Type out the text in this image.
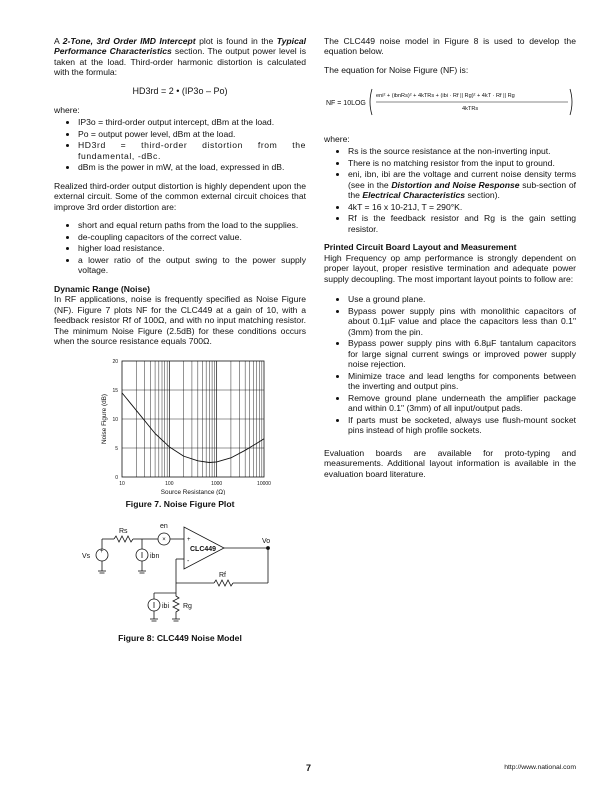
A 2-Tone, 3rd Order IMD Intercept plot is found in the Typical Performance Characteristics section. The output power level is taken at the load. Third-order harmonic distortion is calculated with the formula:

HD3rd = 2 • (IP3o – Po)
where:
• IP3o = third-order output intercept, dBm at the load.
• Po = output power level, dBm at the load.
• HD3rd = third-order distortion from the fundamental, -dBc.
• dBm is the power in mW, at the load, expressed in dB.

Realized third-order output distortion is highly dependent upon the external circuit. Some of the common external circuit choices that improve 3rd order distortion are:

• short and equal return paths from the load to the supplies.
• de-coupling capacitors of the correct value.
• higher load resistance.
• a lower ratio of the output swing to the power supply voltage.
Dynamic Range (Noise)

In RF applications, noise is frequently specified as Noise Figure (NF). Figure 7 plots NF for the CLC449 at a gain of 10, with a feedback resistor Rf of 100Ω, and with no input matching resistor. The minimum Noise Figure (2.5dB) for these conditions occurs when the source resistance equals 700Ω.

0
5
10
15
20
10	100	1000	10000
Source Resistance (Ω)
Noise Figure (dB)
Figure 7. Noise Figure Plot
+
Vs
Rs
ibn
×
en
+
-
CLC449
Vo
Rf
ibi Rg
Figure 8: CLC449 Noise Model

The CLC449 noise model in Figure 8 is used to develop the equation below.

The equation for Noise Figure (NF) is:

NF = 10LOG
eni² + (ibnRs)² + 4kTRs + (ibi · Rf || Rg)² + 4kT · Rf || Rg
4kTRs
where:
• Rs is the source resistance at the non-inverting input.
• There is no matching resistor from the input to ground.
• eni, ibn, ibi are the voltage and current noise density terms (see in the Distortion and Noise Response sub-section of the Electrical Characteristics section).
• 4kT = 16 x 10-21J, T = 290°K.
• Rf is the feedback resistor and Rg is the gain setting resistor.
Printed Circuit Board Layout and Measurement

High Frequency op amp performance is strongly dependent on proper layout, proper resistive termination and adequate power supply decoupling. The most important layout points to follow are:

• Use a ground plane.
• Bypass power supply pins with monolithic capacitors of about 0.1µF value and place the capacitors less than 0.1" (3mm) from the pin.
• Bypass power supply pins with 6.8µF tantalum capacitors for large signal current swings or improved power supply noise rejection.
• Minimize trace and lead lengths for components between the inverting and output pins.
• Remove ground plane underneath the amplifier package and within 0.1" (3mm) of all input/output pads.
• If parts must be socketed, always use flush-mount socket pins instead of high profile sockets.

Evaluation boards are available for proto-typing and measurements. Additional layout information is available in the evaluation board literature.

7	http://www.national.com
